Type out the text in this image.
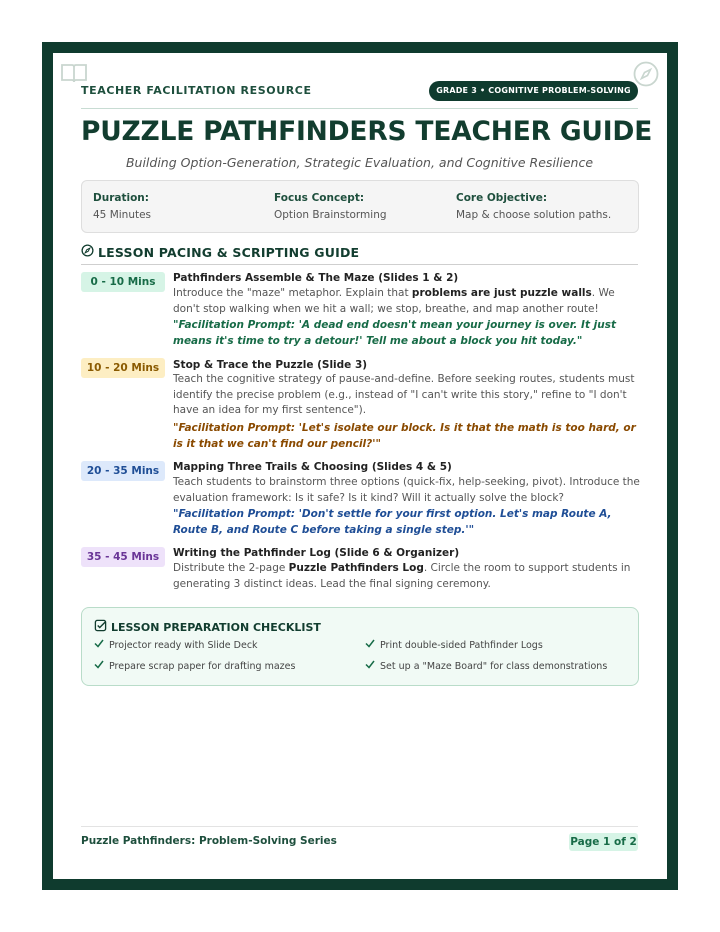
TEACHER FACILITATION RESOURCE	GRADE 3 • COGNITIVE PROBLEM-SOLVING
PUZZLE PATHFINDERS TEACHER GUIDE
Building Option-Generation, Strategic Evaluation, and Cognitive Resilience
Duration:
45 Minutes
Focus Concept:
Option Brainstorming
Core Objective:
Map & choose solution paths.
LESSON PACING & SCRIPTING GUIDE
0 - 10 Mins	Pathfinders Assemble & The Maze (Slides 1 & 2)
Introduce the "maze" metaphor. Explain that problems are just puzzle walls. We don't stop walking when we hit a wall; we stop, breathe, and map another route!
"Facilitation Prompt: 'A dead end doesn't mean your journey is over. It just means it's time to try a detour!' Tell me about a block you hit today."
10 - 20 Mins	Stop & Trace the Puzzle (Slide 3)
Teach the cognitive strategy of pause-and-define. Before seeking routes, students must identify the precise problem (e.g., instead of "I can't write this story," refine to "I don't have an idea for my first sentence").
"Facilitation Prompt: 'Let's isolate our block. Is it that the math is too hard, or is it that we can't find our pencil?'"
20 - 35 Mins	Mapping Three Trails & Choosing (Slides 4 & 5)
Teach students to brainstorm three options (quick-fix, help-seeking, pivot). Introduce the evaluation framework: Is it safe? Is it kind? Will it actually solve the block?
"Facilitation Prompt: 'Don't settle for your first option. Let's map Route A, Route B, and Route C before taking a single step.'"
35 - 45 Mins	Writing the Pathfinder Log (Slide 6 & Organizer)
Distribute the 2-page Puzzle Pathfinders Log. Circle the room to support students in generating 3 distinct ideas. Lead the final signing ceremony.
LESSON PREPARATION CHECKLIST
Projector ready with Slide Deck	Print double-sided Pathfinder Logs
Prepare scrap paper for drafting mazes	Set up a "Maze Board" for class demonstrations
Puzzle Pathfinders: Problem-Solving Series	Page 1 of 2
